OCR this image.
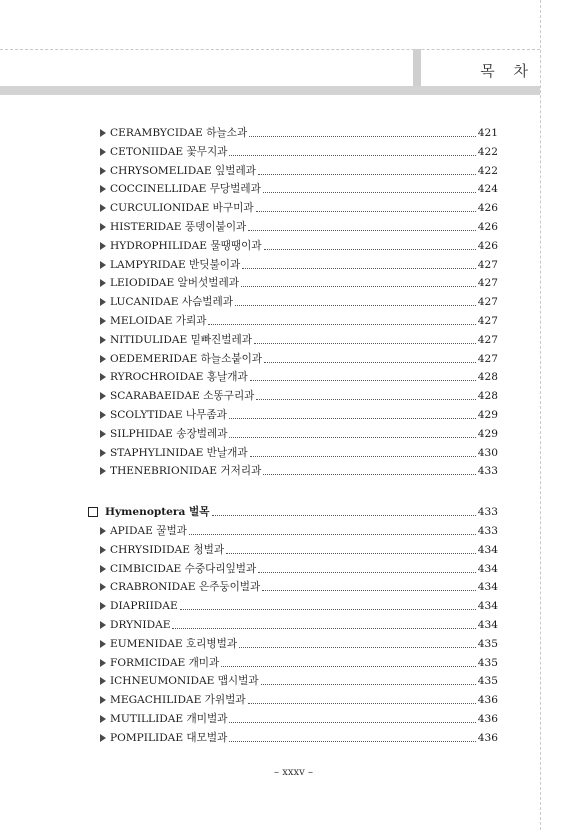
목 차
CERAMBYCIDAE 하늘소과	421
CETONIIDAE 꽃무지과	422
CHRYSOMELIDAE 잎벌레과	422
COCCINELLIDAE 무당벌레과	424
CURCULIONIDAE 바구미과	426
HISTERIDAE 풍뎅이붙이과	426
HYDROPHILIDAE 물땡땡이과	426
LAMPYRIDAE 반딧불이과	427
LEIODIDAE 알버섯벌레과	427
LUCANIDAE 사슴벌레과	427
MELOIDAE 가뢰과	427
NITIDULIDAE 밑빠진벌레과	427
OEDEMERIDAE 하늘소붙이과	427
RYROCHROIDAE 홍날개과	428
SCARABAEIDAE 소똥구리과	428
SCOLYTIDAE 나무좀과	429
SILPHIDAE 송장벌레과	429
STAPHYLINIDAE 반날개과	430
THENEBRIONIDAE 거저리과	433
Hymenoptera 벌목	433
APIDAE 꿀벌과	433
CHRYSIDIDAE 청벌과	434
CIMBICIDAE 수중다리잎벌과	434
CRABRONIDAE 은주둥이벌과	434
DIAPRIIDAE	434
DRYNIDAE	434
EUMENIDAE 호리병벌과	435
FORMICIDAE 개미과	435
ICHNEUMONIDAE 맵시벌과	435
MEGACHILIDAE 가위벌과	436
MUTILLIDAE 개미벌과	436
POMPILIDAE 대모벌과	436
– xxxv –
